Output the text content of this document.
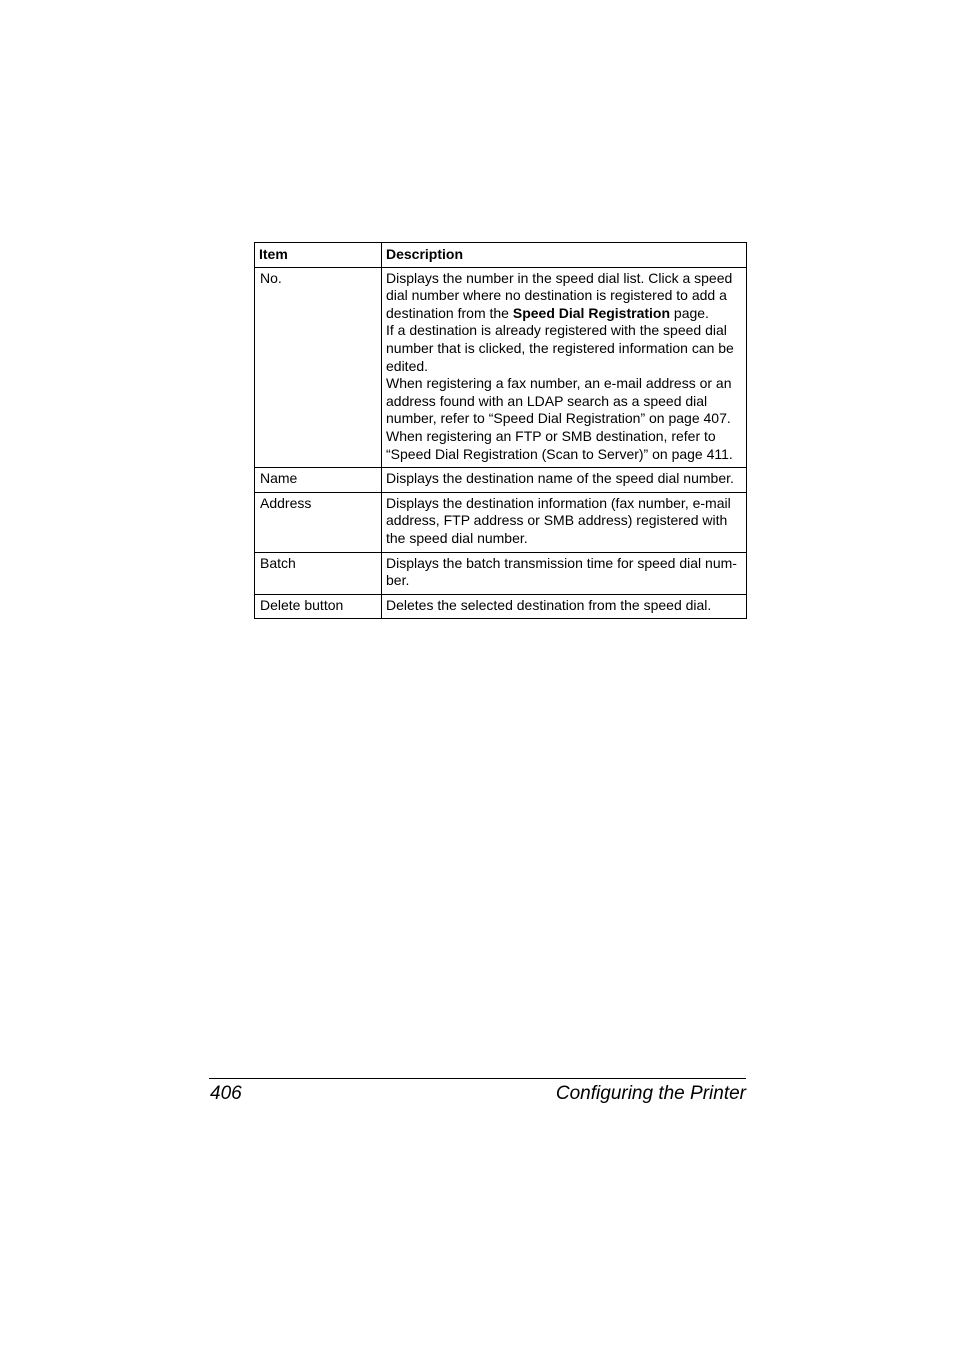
Item	Description
No.	Displays the number in the speed dial list. Click a speed dial number where no destination is registered to add a destination from the Speed Dial Registration page.
If a destination is already registered with the speed dial number that is clicked, the registered information can be edited.
When registering a fax number, an e-mail address or an address found with an LDAP search as a speed dial number, refer to “Speed Dial Registration” on page 407.
When registering an FTP or SMB destination, refer to “Speed Dial Registration (Scan to Server)” on page 411.

Name	Displays the destination name of the speed dial number.
Address	Displays the destination information (fax number, e-mail address, FTP address or SMB address) registered with the speed dial number.
Batch	Displays the batch transmission time for speed dial num-ber.
Delete button	Deletes the selected destination from the speed dial.
406	Configuring the Printer
